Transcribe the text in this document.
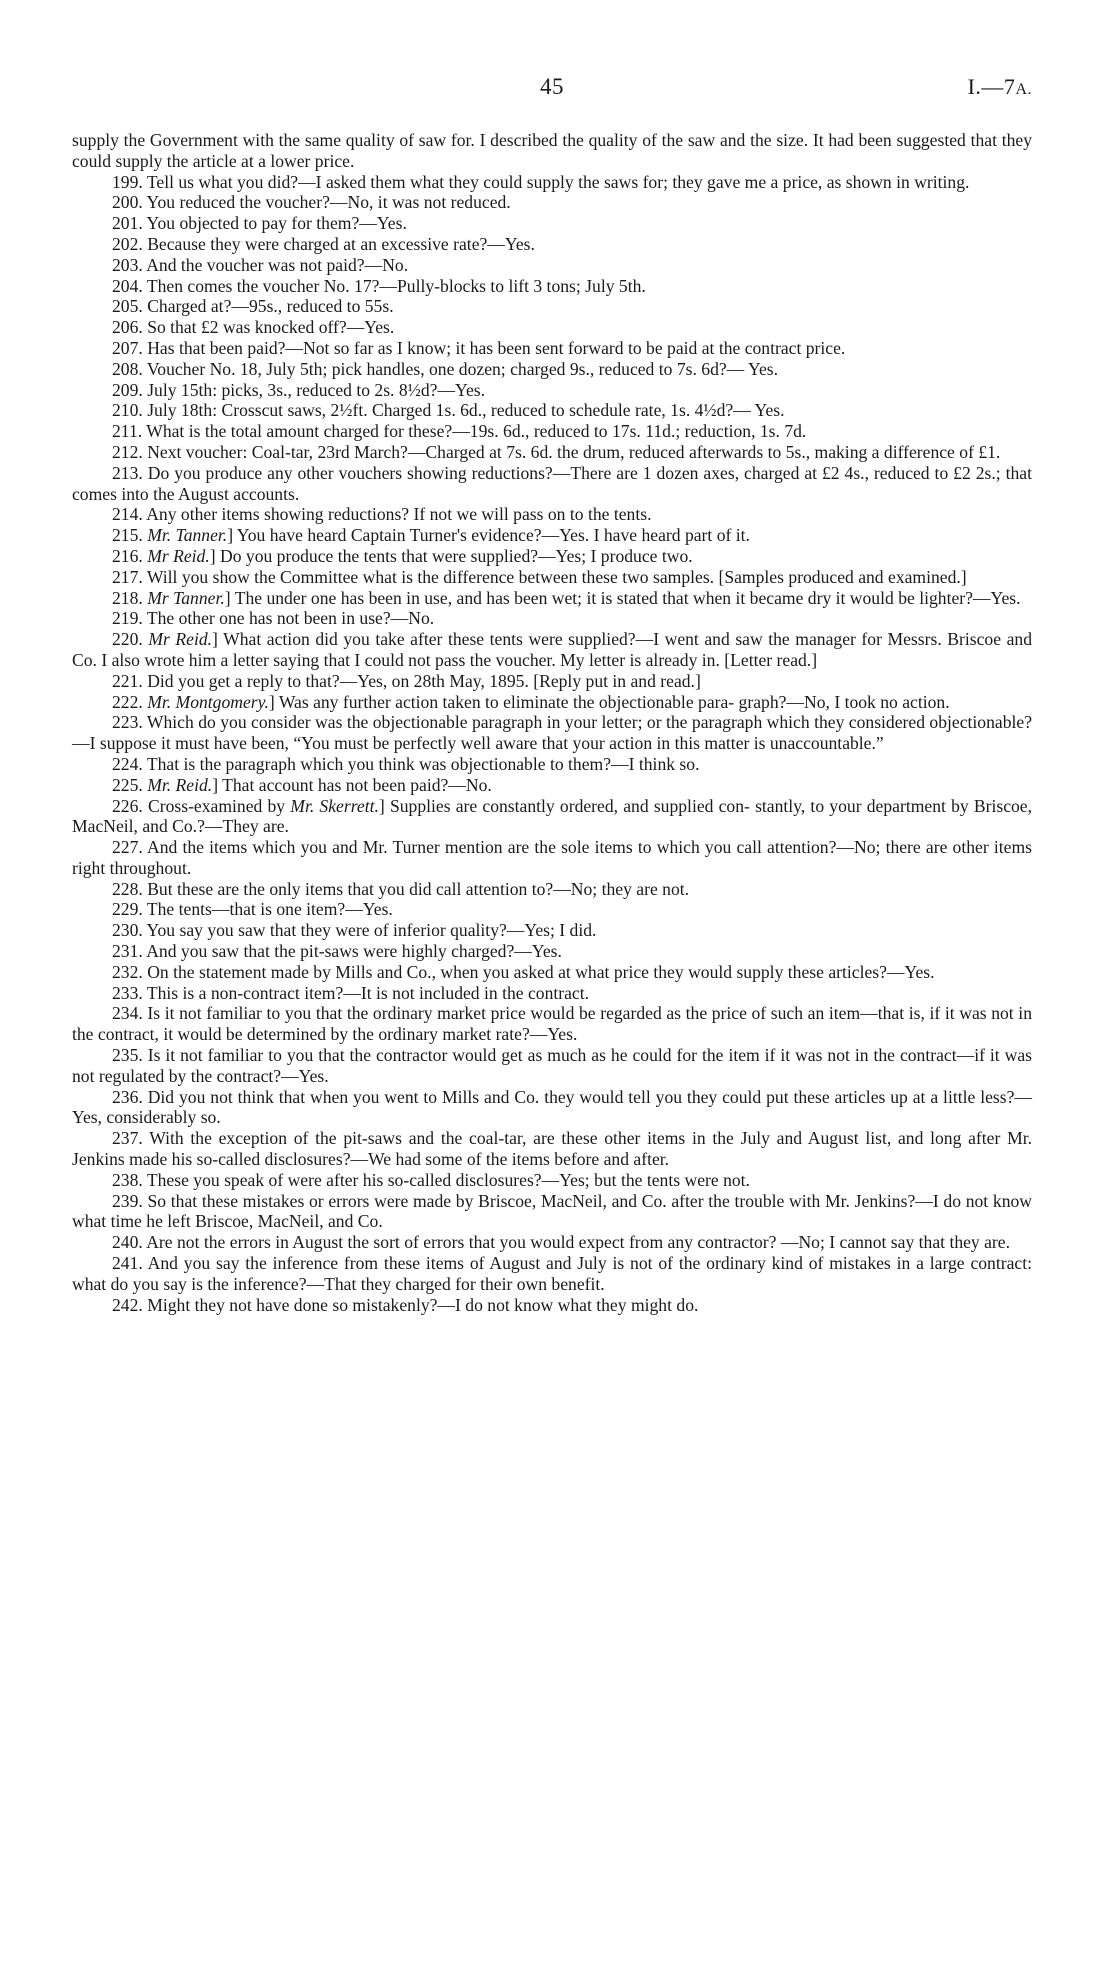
45	I.—7A.

supply the Government with the same quality of saw for. I described the quality of the saw and the size. It had been suggested that they could supply the article at a lower price.

199. Tell us what you did?—I asked them what they could supply the saws for; they gave me a price, as shown in writing.

200. You reduced the voucher?—No, it was not reduced.

201. You objected to pay for them?—Yes.

202. Because they were charged at an excessive rate?—Yes.

203. And the voucher was not paid?—No.

204. Then comes the voucher No. 17?—Pully-blocks to lift 3 tons; July 5th.

205. Charged at?—95s., reduced to 55s.

206. So that £2 was knocked off?—Yes.

207. Has that been paid?—Not so far as I know; it has been sent forward to be paid at the contract price.

208. Voucher No. 18, July 5th; pick handles, one dozen; charged 9s., reduced to 7s. 6d?— Yes.

209. July 15th: picks, 3s., reduced to 2s. 8½d?—Yes.

210. July 18th: Crosscut saws, 2½ft. Charged 1s. 6d., reduced to schedule rate, 1s. 4½d?— Yes.

211. What is the total amount charged for these?—19s. 6d., reduced to 17s. 11d.; reduction, 1s. 7d.

212. Next voucher: Coal-tar, 23rd March?—Charged at 7s. 6d. the drum, reduced afterwards to 5s., making a difference of £1.

213. Do you produce any other vouchers showing reductions?—There are 1 dozen axes, charged at £2 4s., reduced to £2 2s.; that comes into the August accounts.

214. Any other items showing reductions? If not we will pass on to the tents.

215. Mr. Tanner.] You have heard Captain Turner's evidence?—Yes. I have heard part of it.

216. Mr Reid.] Do you produce the tents that were supplied?—Yes; I produce two.

217. Will you show the Committee what is the difference between these two samples. [Samples produced and examined.]

218. Mr Tanner.] The under one has been in use, and has been wet; it is stated that when it became dry it would be lighter?—Yes.

219. The other one has not been in use?—No.

220. Mr Reid.] What action did you take after these tents were supplied?—I went and saw the manager for Messrs. Briscoe and Co. I also wrote him a letter saying that I could not pass the voucher. My letter is already in. [Letter read.]

221. Did you get a reply to that?—Yes, on 28th May, 1895. [Reply put in and read.]

222. Mr. Montgomery.] Was any further action taken to eliminate the objectionable para- graph?—No, I took no action.

223. Which do you consider was the objectionable paragraph in your letter; or the paragraph which they considered objectionable?—I suppose it must have been, “You must be perfectly well aware that your action in this matter is unaccountable.”

224. That is the paragraph which you think was objectionable to them?—I think so.

225. Mr. Reid.] That account has not been paid?—No.

226. Cross-examined by Mr. Skerrett.] Supplies are constantly ordered, and supplied con- stantly, to your department by Briscoe, MacNeil, and Co.?—They are.

227. And the items which you and Mr. Turner mention are the sole items to which you call attention?—No; there are other items right throughout.

228. But these are the only items that you did call attention to?—No; they are not.

229. The tents—that is one item?—Yes.

230. You say you saw that they were of inferior quality?—Yes; I did.

231. And you saw that the pit-saws were highly charged?—Yes.

232. On the statement made by Mills and Co., when you asked at what price they would supply these articles?—Yes.

233. This is a non-contract item?—It is not included in the contract.

234. Is it not familiar to you that the ordinary market price would be regarded as the price of such an item—that is, if it was not in the contract, it would be determined by the ordinary market rate?—Yes.

235. Is it not familiar to you that the contractor would get as much as he could for the item if it was not in the contract—if it was not regulated by the contract?—Yes.

236. Did you not think that when you went to Mills and Co. they would tell you they could put these articles up at a little less?—Yes, considerably so.

237. With the exception of the pit-saws and the coal-tar, are these other items in the July and August list, and long after Mr. Jenkins made his so-called disclosures?—We had some of the items before and after.

238. These you speak of were after his so-called disclosures?—Yes; but the tents were not.

239. So that these mistakes or errors were made by Briscoe, MacNeil, and Co. after the trouble with Mr. Jenkins?—I do not know what time he left Briscoe, MacNeil, and Co.

240. Are not the errors in August the sort of errors that you would expect from any contractor? —No; I cannot say that they are.

241. And you say the inference from these items of August and July is not of the ordinary kind of mistakes in a large contract: what do you say is the inference?—That they charged for their own benefit.

242. Might they not have done so mistakenly?—I do not know what they might do.
